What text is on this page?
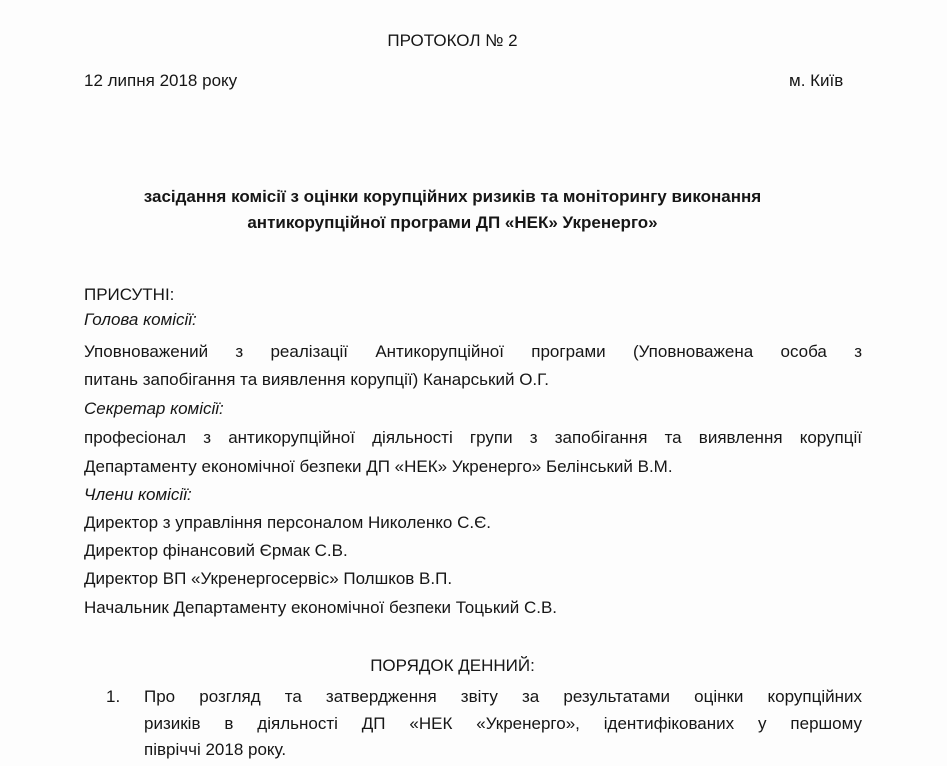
ПРОТОКОЛ № 2
12 липня 2018 року	м. Київ
засідання комісії з оцінки корупційних ризиків та моніторингу виконання
антикорупційної програми ДП «НЕК» Укренерго»
ПРИСУТНІ:
Голова комісії:
Уповноважений з реалізації Антикорупційної програми (Уповноважена особа з
питань запобігання та виявлення корупції) Канарський О.Г.
Секретар комісії:
професіонал з антикорупційної діяльності групи з запобігання та виявлення корупції
Департаменту економічної безпеки ДП «НЕК» Укренерго» Белінський В.М.
Члени комісії:
Директор з управління персоналом Николенко С.Є.
Директор фінансовий Єрмак С.В.
Директор ВП «Укренергосервіс» Полшков В.П.
Начальник Департаменту економічної безпеки Тоцький С.В.
ПОРЯДОК ДЕННИЙ:
1. Про розгляд та затвердження звіту за результатами оцінки корупційних
ризиків в діяльності ДП «НЕК «Укренерго», ідентифікованих у першому
півріччі 2018 року.
